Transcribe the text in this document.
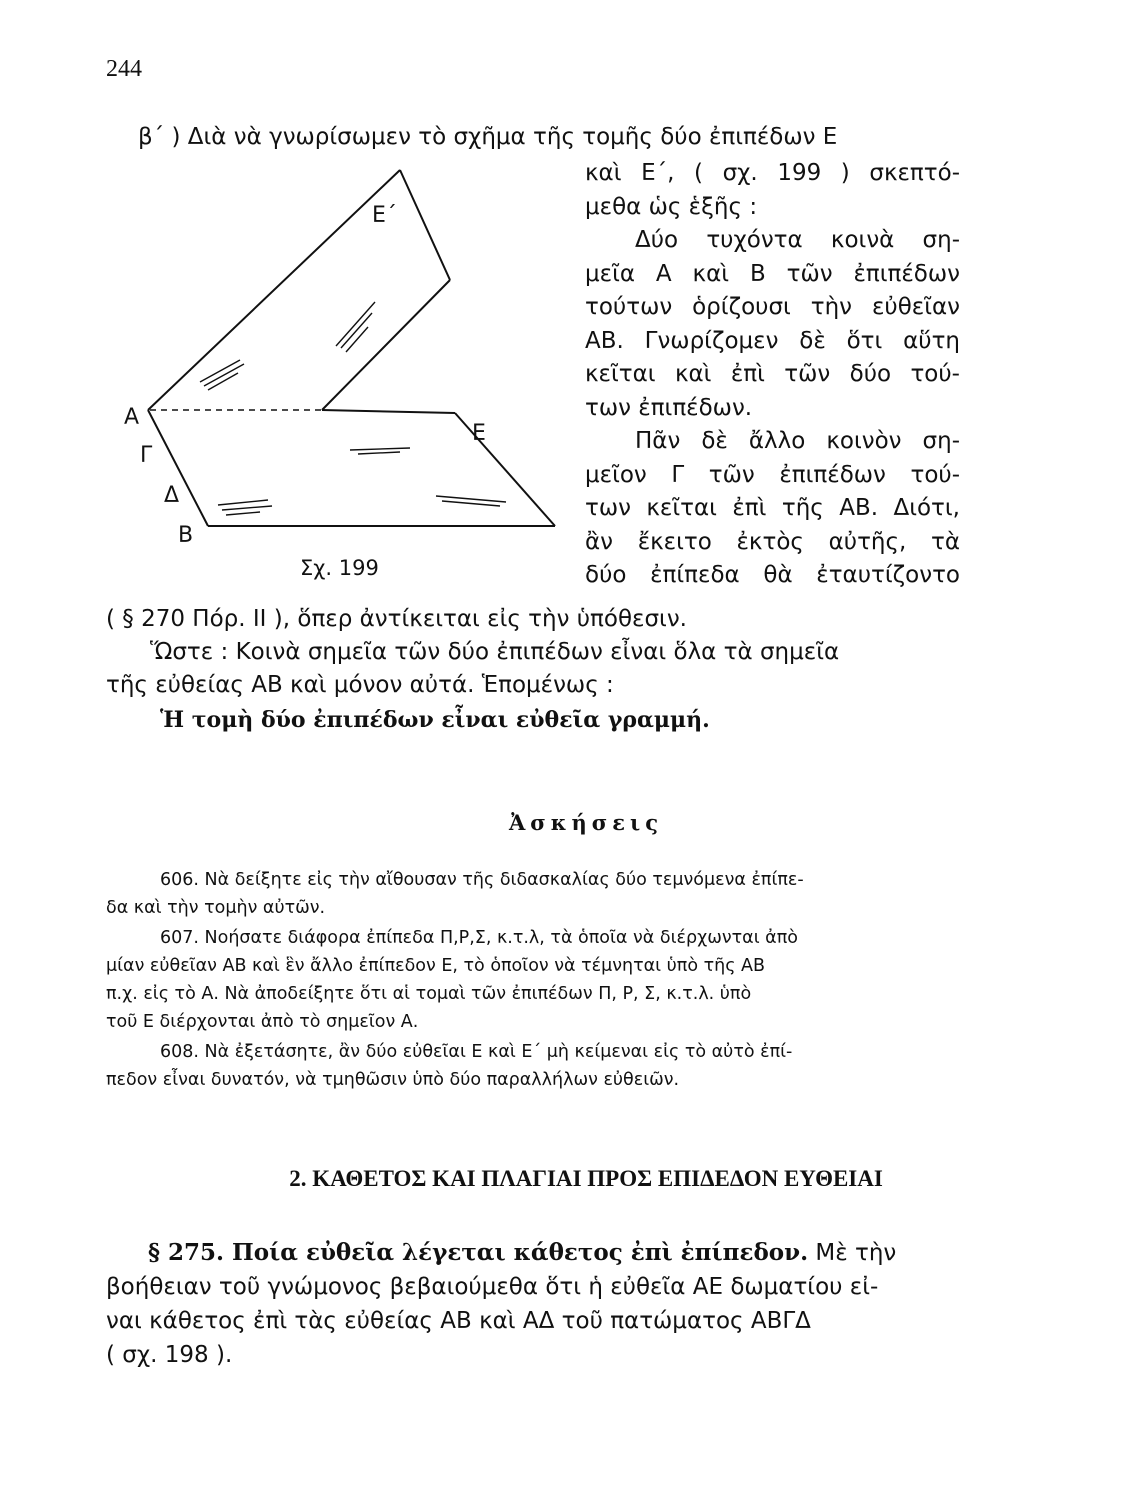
244
β΄ ) Διὰ νὰ γνωρίσωμεν τὸ σχῆμα τῆς τομῆς δύο ἐπιπέδων Ε
Ε΄
Α
Γ
Δ
Β
Ε
Σχ. 199
καὶ Ε΄, ( σχ. 199 ) σκεπτό-
μεθα ὡς ἑξῆς :
Δύο τυχόντα κοινὰ ση-
μεῖα Α καὶ Β τῶν ἐπιπέδων
τούτων ὁρίζουσι τὴν εὐθεῖαν
ΑΒ. Γνωρίζομεν δὲ ὅτι αὕτη
κεῖται καὶ ἐπὶ τῶν δύο τού-
των ἐπιπέδων.
Πᾶν δὲ ἄλλο κοινὸν ση-
μεῖον Γ τῶν ἐπιπέδων τού-
των κεῖται ἐπὶ τῆς ΑΒ. Διότι,
ἂν ἔκειτο ἐκτὸς αὐτῆς, τὰ
δύο ἐπίπεδα θὰ ἐταυτίζοντο
( § 270 Πόρ. ΙΙ ), ὅπερ ἀντίκειται εἰς τὴν ὑπόθεσιν.
Ὥστε : Κοινὰ σημεῖα τῶν δύο ἐπιπέδων εἶναι ὅλα τὰ σημεῖα
τῆς εὐθείας ΑΒ καὶ μόνον αὐτά. Ἑπομένως :
Ἡ τομὴ δύο ἐπιπέδων εἶναι εὐθεῖα γραμμή.
Ἀσκήσεις
606. Νὰ δείξητε εἰς τὴν αἴθουσαν τῆς διδασκαλίας δύο τεμνόμενα ἐπίπε-
δα καὶ τὴν τομὴν αὐτῶν.
607. Νοήσατε διάφορα ἐπίπεδα Π,Ρ,Σ, κ.τ.λ, τὰ ὁποῖα νὰ διέρχωνται ἀπὸ
μίαν εὐθεῖαν ΑΒ καὶ ἓν ἄλλο ἐπίπεδον Ε, τὸ ὁποῖον νὰ τέμνηται ὑπὸ τῆς ΑΒ
π.χ. εἰς τὸ Α. Νὰ ἀποδείξητε ὅτι αἱ τομαὶ τῶν ἐπιπέδων Π, Ρ, Σ, κ.τ.λ. ὑπὸ
τοῦ Ε διέρχονται ἀπὸ τὸ σημεῖον Α.
608. Νὰ ἐξετάσητε, ἂν δύο εὐθεῖαι Ε καὶ Ε΄ μὴ κείμεναι εἰς τὸ αὐτὸ ἐπί-
πεδον εἶναι δυνατόν, νὰ τμηθῶσιν ὑπὸ δύο παραλλήλων εὐθειῶν.
2. ΚΑΘΕΤΟΣ ΚΑΙ ΠΛΑΓΙΑΙ ΠΡΟΣ ΕΠΙΔΕΔΟΝ ΕΥΘΕΙΑΙ
§ 275. Ποία εὐθεῖα λέγεται κάθετος ἐπὶ ἐπίπεδον. Μὲ τὴν
βοήθειαν τοῦ γνώμονος βεβαιούμεθα ὅτι ἡ εὐθεῖα ΑΕ δωματίου εἰ-
ναι κάθετος ἐπὶ τὰς εὐθείας ΑΒ καὶ ΑΔ τοῦ πατώματος ΑΒΓΔ
( σχ. 198 ).
